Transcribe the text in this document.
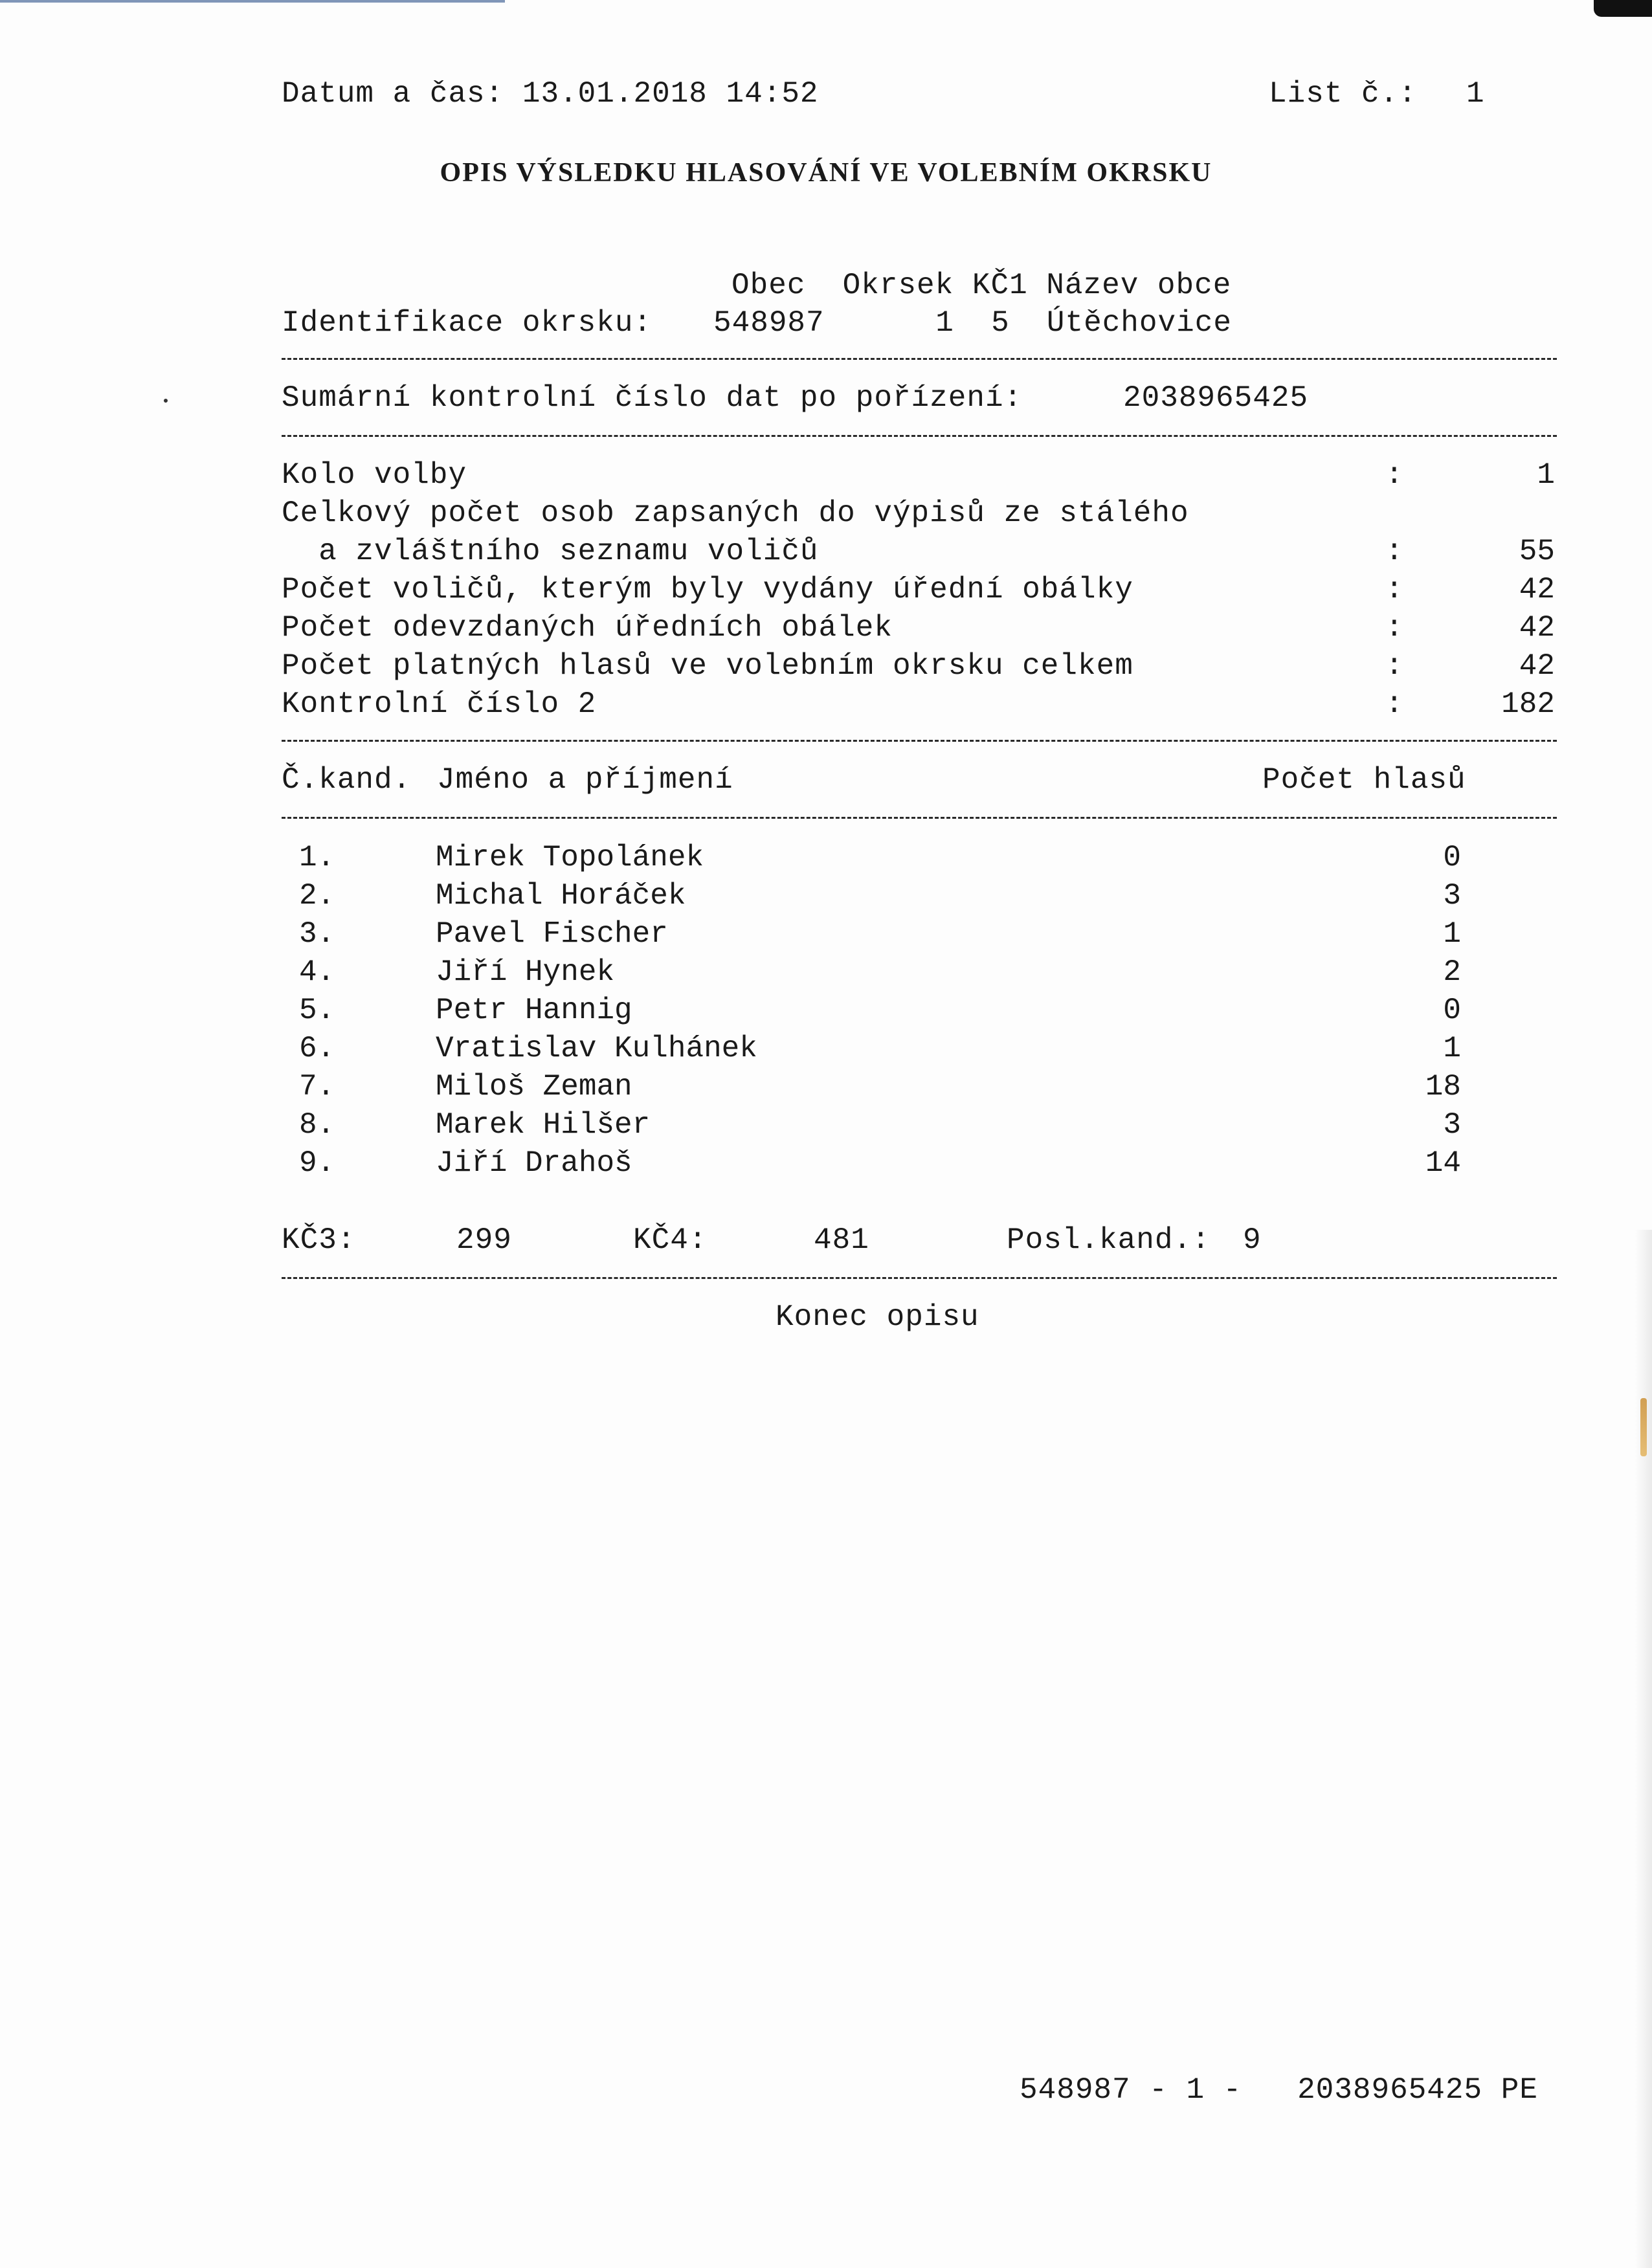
Datum a čas: 13.01.2018 14:52	List č.: 1
OPIS VÝSLEDKU HLASOVÁNÍ VE VOLEBNÍM OKRSKU
Obec  Okrsek KČ1 Název obce
Identifikace okrsku: 548987      1  5  Útěchovice
Sumární kontrolní číslo dat po pořízení:	2038965425
Kolo volby	:	1
Celkový počet osob zapsaných do výpisů ze stálého
a zvláštního seznamu voličů	:	55
Počet voličů, kterým byly vydány úřední obálky	:	42
Počet odevzdaných úředních obálek	:	42
Počet platných hlasů ve volebním okrsku celkem	:	42
Kontrolní číslo 2	:	182
Č.kand. Jméno a příjmení	Počet hlasů
1.	Mirek Topolánek	0
2.	Michal Horáček	3
3.	Pavel Fischer	1
4.	Jiří Hynek	2
5.	Petr Hannig	0
6.	Vratislav Kulhánek	1
7.	Miloš Zeman	18
8.	Marek Hilšer	3
9.	Jiří Drahoš	14
KČ3:	299	KČ4:	481	Posl.kand.: 9
Konec opisu
548987 - 1 -   2038965425 PE
